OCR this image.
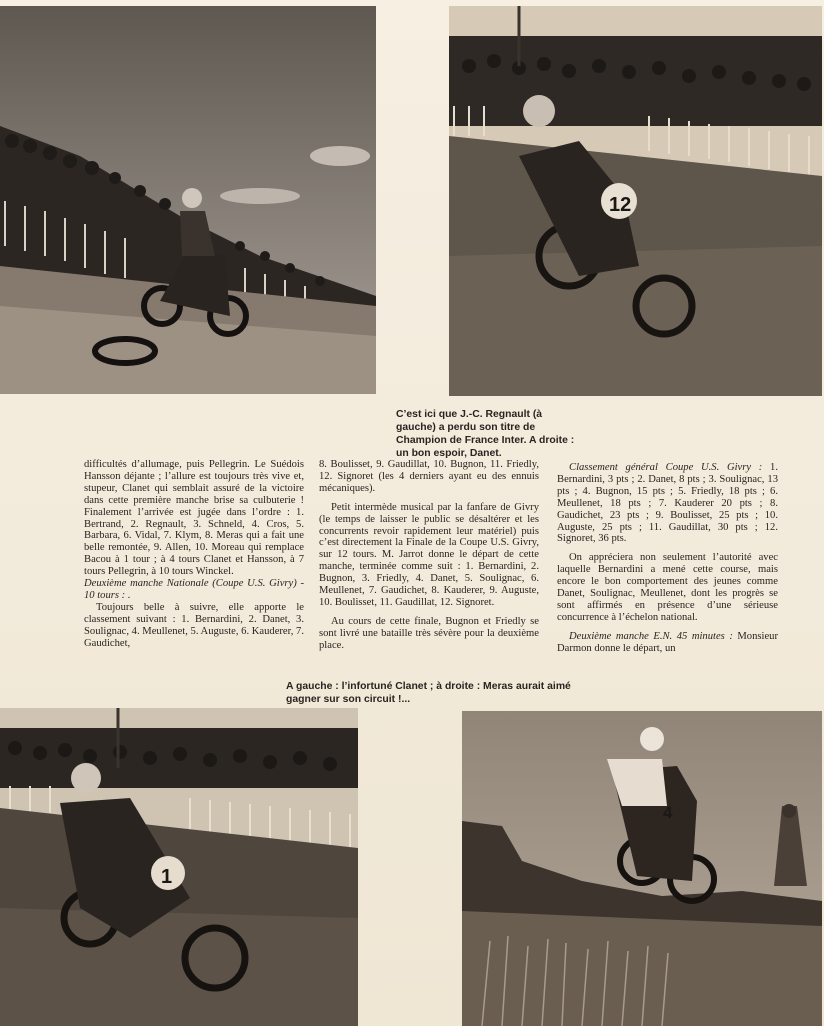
12
C’est ici que J.-C. Regnault (à gauche) a perdu son titre de Champion de France Inter. A droite : un bon espoir, Danet.

difficultés d’allumage, puis Pellegrin. Le Suédois Hansson déjante ; l’allure est toujours très vive et, stupeur, Clanet qui semblait assuré de la victoire dans cette première manche brise sa culbuterie ! Finalement l’arrivée est jugée dans l’ordre : 1. Bertrand, 2. Regnault, 3. Schneld, 4. Cros, 5. Barbara, 6. Vidal, 7. Klym, 8. Meras qui a fait une belle remontée, 9. Allen, 10. Moreau qui remplace Bacou à 1 tour ; à 4 tours Clanet et Hansson, à 7 tours Pellegrin, à 10 tours Winckel.

Deuxième manche Nationale (Coupe U.S. Givry) - 10 tours : .

Toujours belle à suivre, elle apporte le classement suivant : 1. Bernardini, 2. Danet, 3. Soulignac, 4. Meullenet, 5. Auguste, 6. Kauderer, 7. Gaudichet,

8. Boulisset, 9. Gaudillat, 10. Bugnon, 11. Friedly, 12. Signoret (les 4 derniers ayant eu des ennuis mécaniques).

Petit intermède musical par la fanfare de Givry (le temps de laisser le public se désaltérer et les concurrents revoir rapidement leur matériel) puis c’est directement la Finale de la Coupe U.S. Givry, sur 12 tours. M. Jarrot donne le départ de cette manche, terminée comme suit : 1. Bernardini, 2. Bugnon, 3. Friedly, 4. Danet, 5. Soulignac, 6. Meullenet, 7. Gaudichet, 8. Kauderer, 9. Auguste, 10. Boulisset, 11. Gaudillat, 12. Signoret.

Au cours de cette finale, Bugnon et Friedly se sont livré une bataille très sévère pour la deuxième place.

Classement général Coupe U.S. Givry : 1. Bernardini, 3 pts ; 2. Danet, 8 pts ; 3. Soulignac, 13 pts ; 4. Bugnon, 15 pts ; 5. Friedly, 18 pts ; 6. Meullenet, 18 pts ; 7. Kauderer 20 pts ; 8. Gaudichet, 23 pts ; 9. Boulisset, 25 pts ; 10. Auguste, 25 pts ; 11. Gaudillat, 30 pts ; 12. Signoret, 36 pts.

On appréciera non seulement l’autorité avec laquelle Bernardini a mené cette course, mais encore le bon comportement des jeunes comme Danet, Soulignac, Meullenet, dont les progrès se sont affirmés en présence d’une sérieuse concurrence à l’échelon national.

Deuxième manche E.N. 45 minutes : Monsieur Darmon donne le départ, un

A gauche : l’infortuné Clanet ; à droite : Meras aurait aimé gagner sur son circuit !...
1
4
